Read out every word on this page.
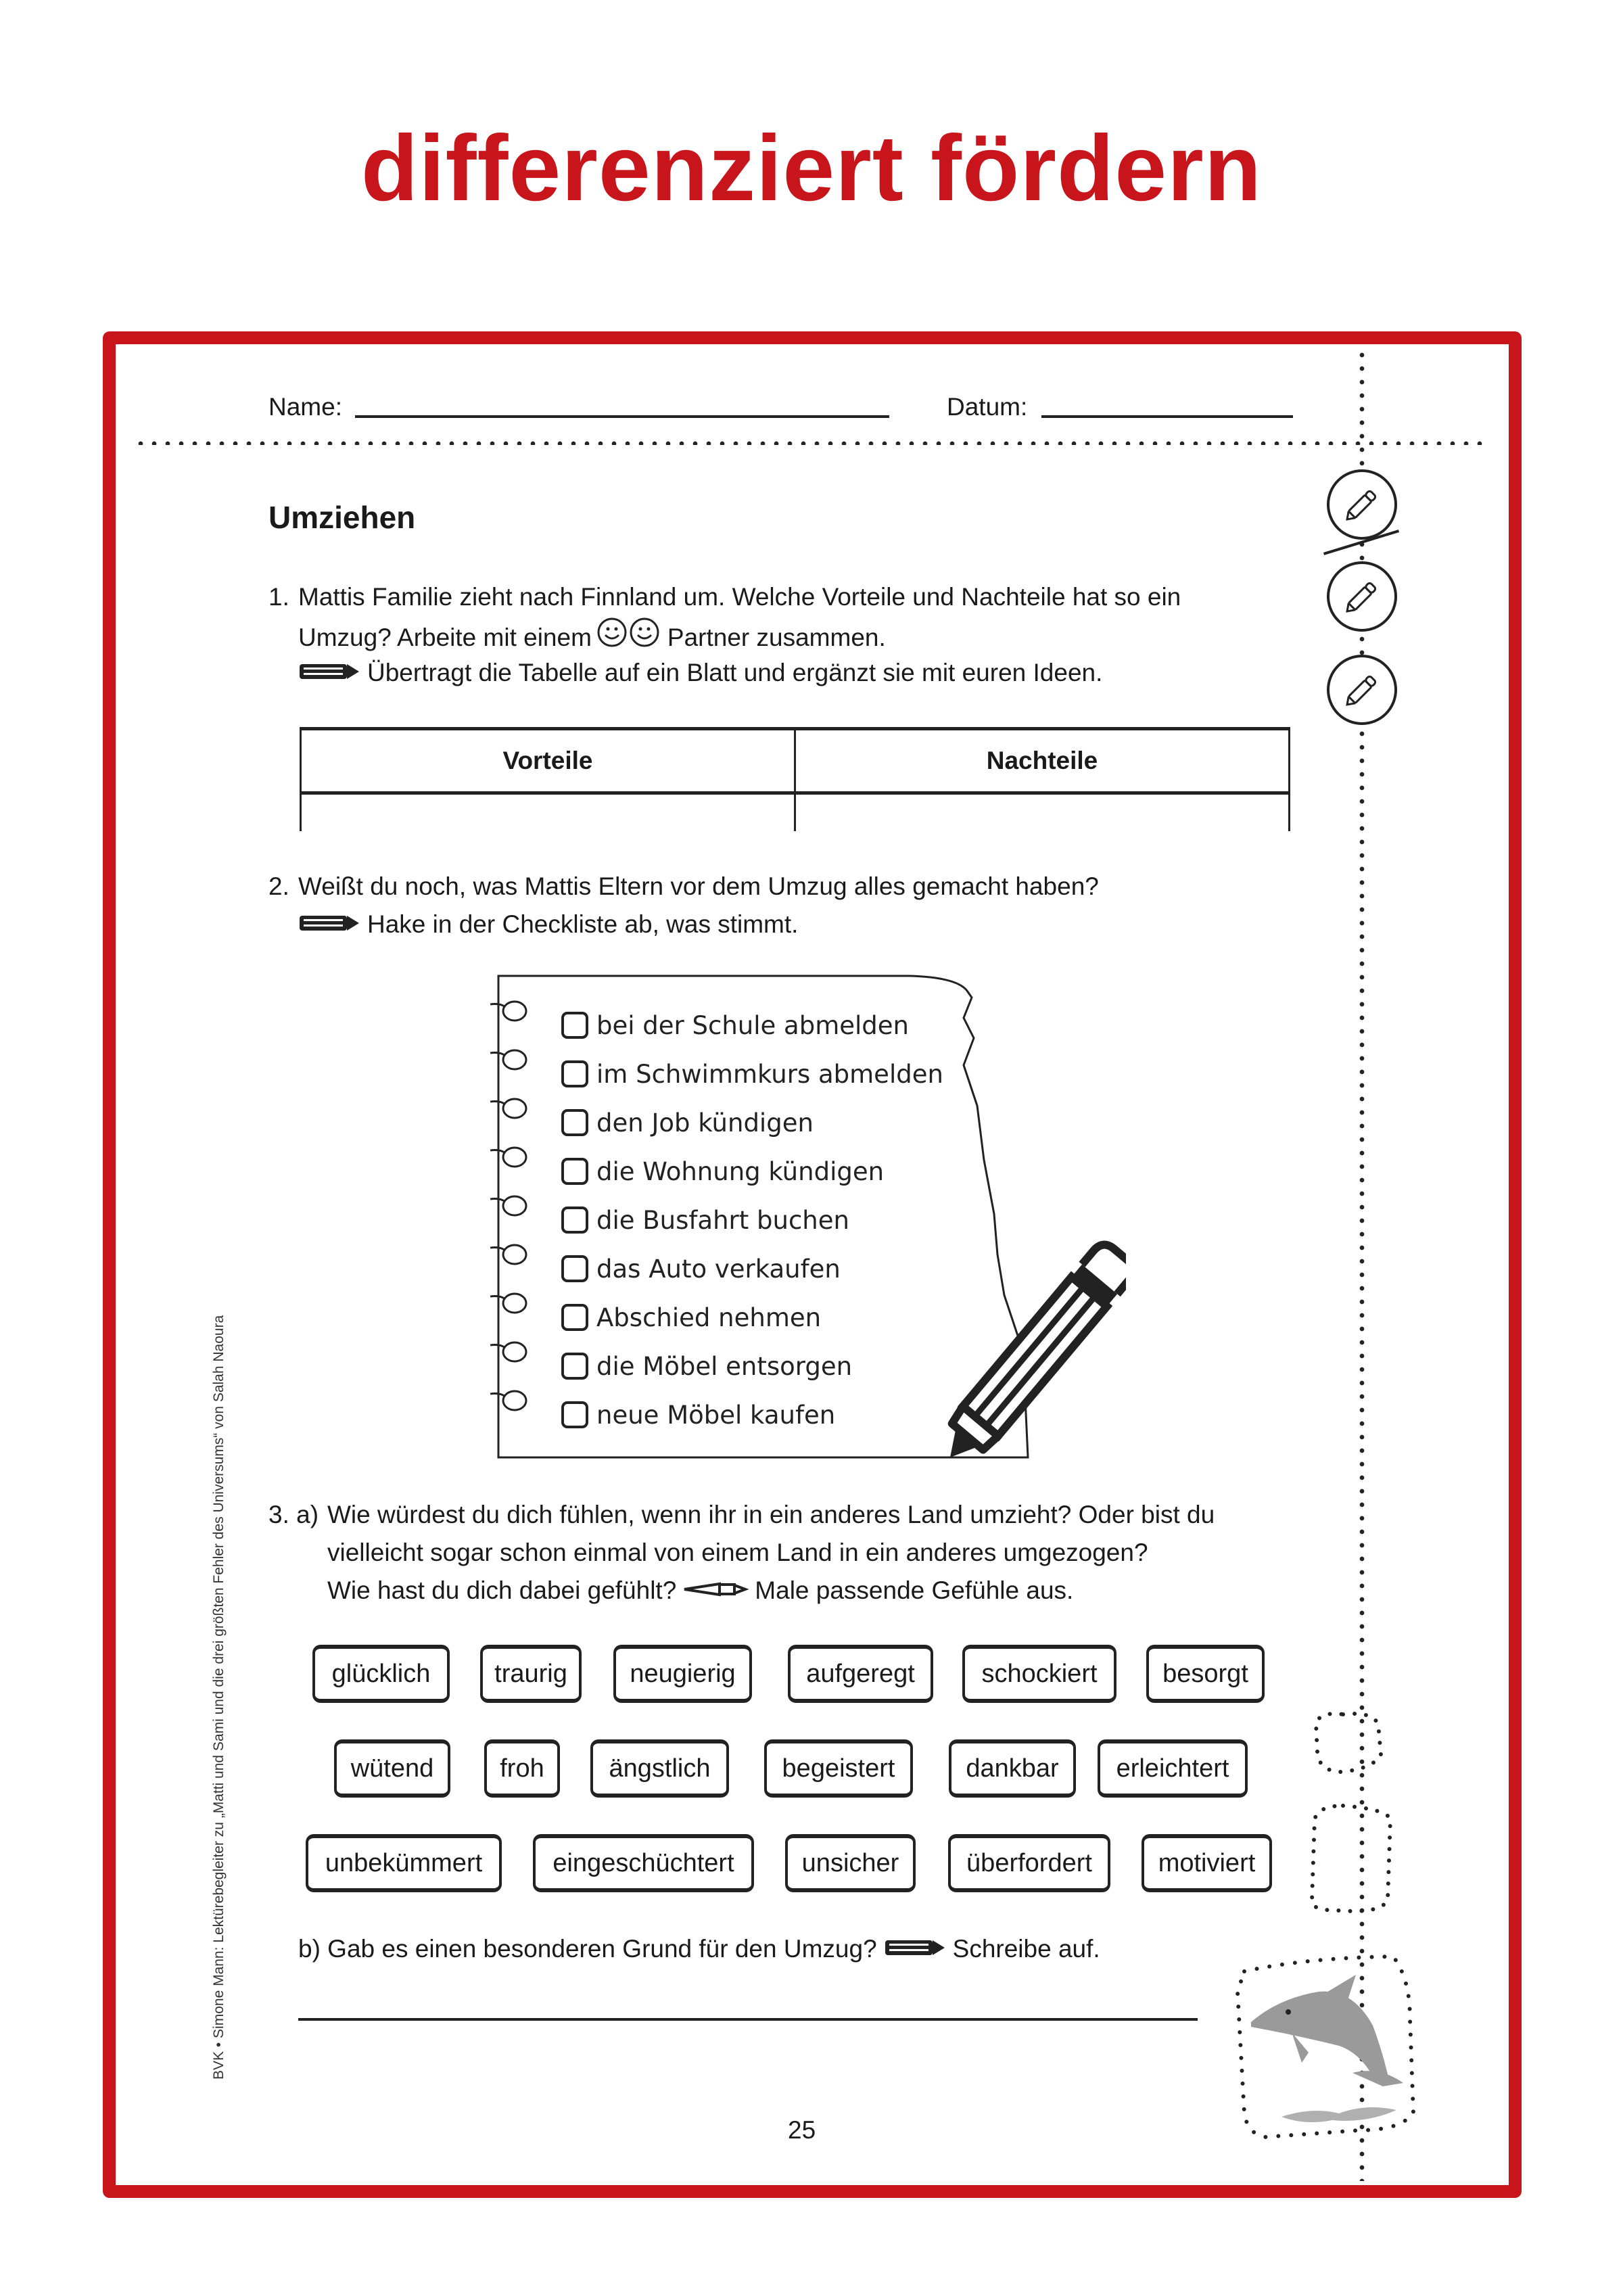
differenziert fördern
Name:	Datum:
Umziehen
1. Mattis Familie zieht nach Finnland um. Welche Vorteile und Nachteile hat so ein
Umzug? Arbeite mit einem	Partner zusammen.
Übertragt die Tabelle auf ein Blatt und ergänzt sie mit euren Ideen.
Vorteile	Nachteile

2. Weißt du noch, was Mattis Eltern vor dem Umzug alles gemacht haben?
Hake in der Checkliste ab, was stimmt.
bei der Schule abmelden
im Schwimmkurs abmelden
den Job kündigen
die Wohnung kündigen
die Busfahrt buchen
das Auto verkaufen
Abschied nehmen
die Möbel entsorgen
neue Möbel kaufen
3. a) Wie würdest du dich fühlen, wenn ihr in ein anderes Land umzieht? Oder bist du
vielleicht sogar schon einmal von einem Land in ein anderes umgezogen?
Wie hast du dich dabei gefühlt?	Male passende Gefühle aus.
glücklich	traurig	neugierig	aufgeregt	schockiert	besorgt
wütend	froh	ängstlich	begeistert	dankbar	erleichtert
unbekümmert	eingeschüchtert	unsicher	überfordert	motiviert
b) Gab es einen besonderen Grund für den Umzug?	Schreibe auf.
25
BVK • Simone Mann: Lektürebegleiter zu „Matti und Sami und die drei größten Fehler des Universums“ von Salah Naoura
